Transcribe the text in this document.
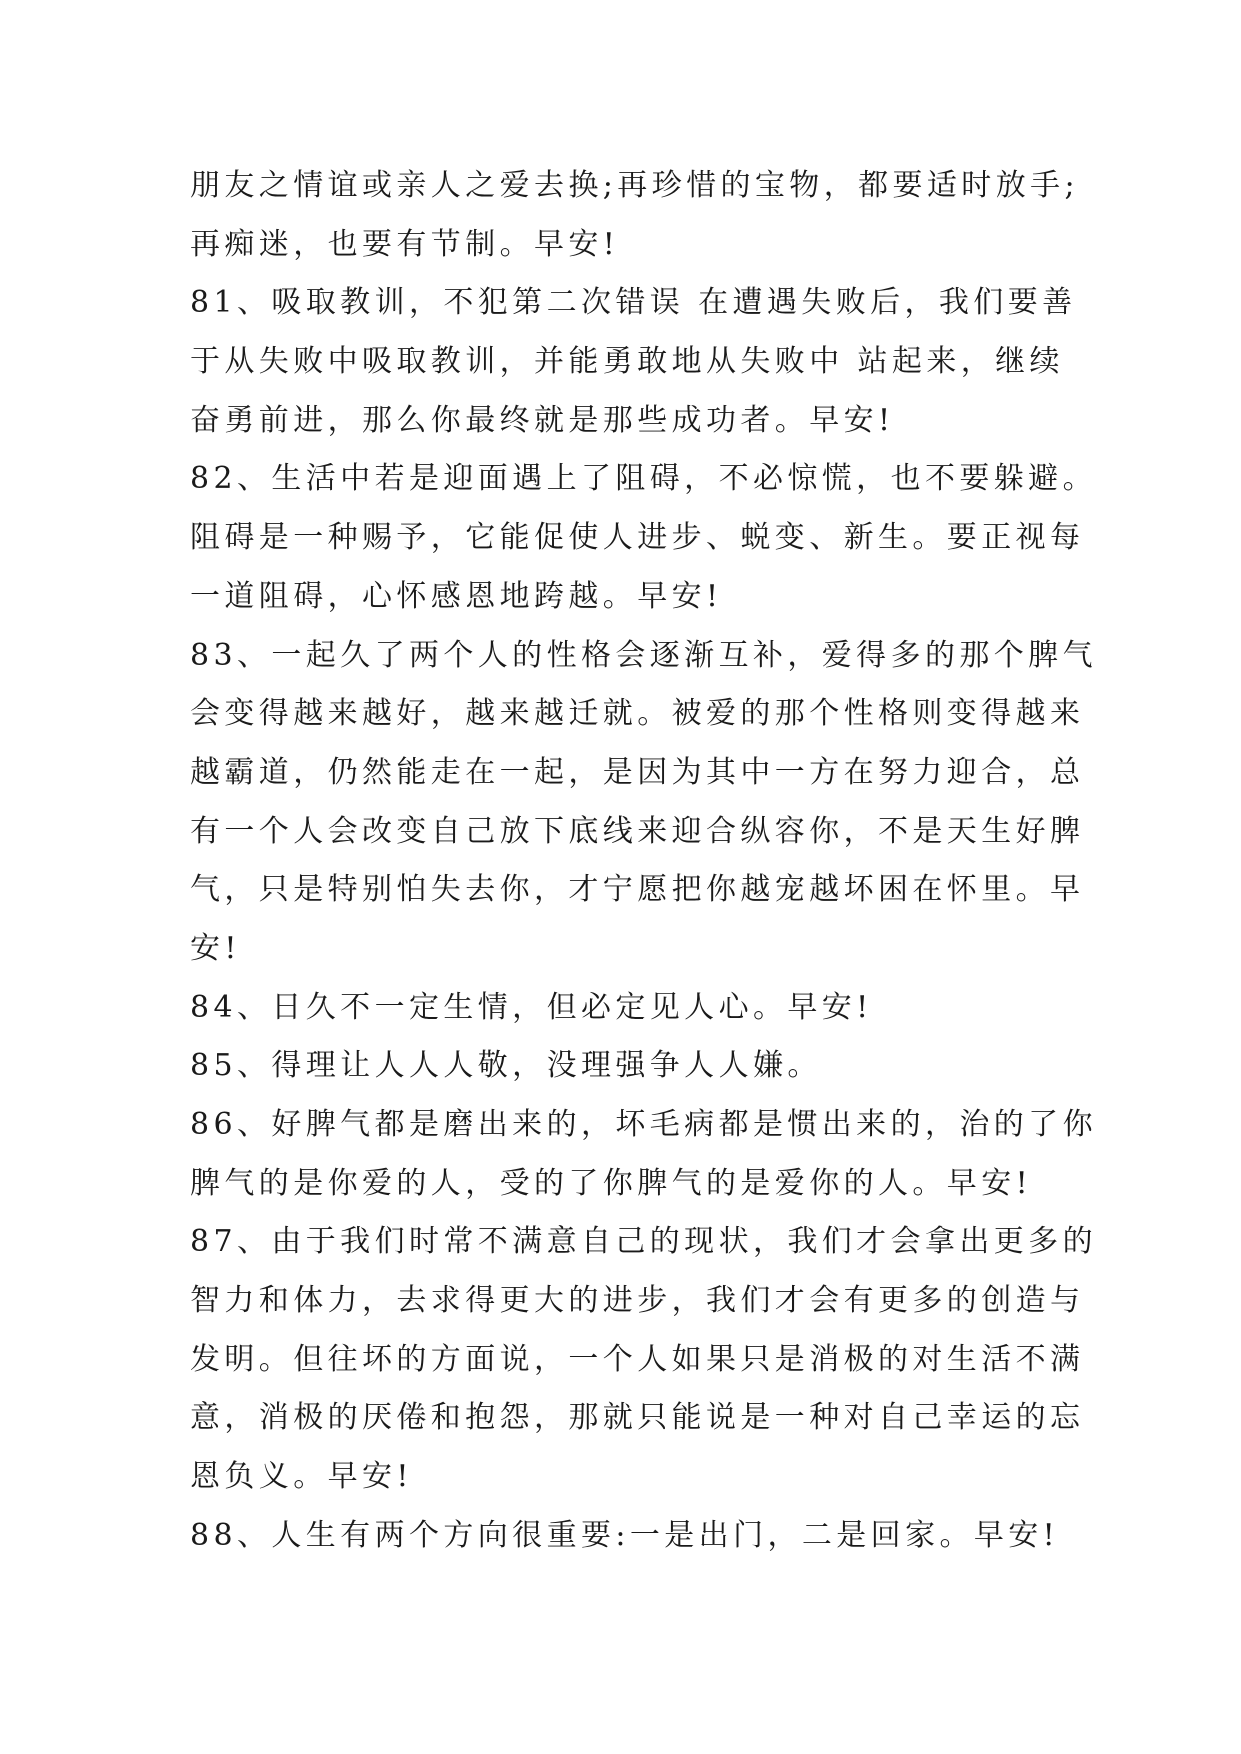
朋友之情谊或亲人之爱去换;再珍惜的宝物，都要适时放手;
再痴迷，也要有节制。早安!
81、吸取教训，不犯第二次错误 在遭遇失败后，我们要善
于从失败中吸取教训，并能勇敢地从失败中 站起来，继续
奋勇前进，那么你最终就是那些成功者。早安!
82、生活中若是迎面遇上了阻碍，不必惊慌，也不要躲避。
阻碍是一种赐予，它能促使人进步、蜕变、新生。要正视每
一道阻碍，心怀感恩地跨越。早安!
83、一起久了两个人的性格会逐渐互补，爱得多的那个脾气
会变得越来越好，越来越迁就。被爱的那个性格则变得越来
越霸道，仍然能走在一起，是因为其中一方在努力迎合，总
有一个人会改变自己放下底线来迎合纵容你，不是天生好脾
气，只是特别怕失去你，才宁愿把你越宠越坏困在怀里。早
安!
84、日久不一定生情，但必定见人心。早安!
85、得理让人人人敬，没理强争人人嫌。
86、好脾气都是磨出来的，坏毛病都是惯出来的，治的了你
脾气的是你爱的人，受的了你脾气的是爱你的人。早安!
87、由于我们时常不满意自己的现状，我们才会拿出更多的
智力和体力，去求得更大的进步，我们才会有更多的创造与
发明。但往坏的方面说，一个人如果只是消极的对生活不满
意，消极的厌倦和抱怨，那就只能说是一种对自己幸运的忘
恩负义。早安!
88、人生有两个方向很重要:一是出门，二是回家。早安!
